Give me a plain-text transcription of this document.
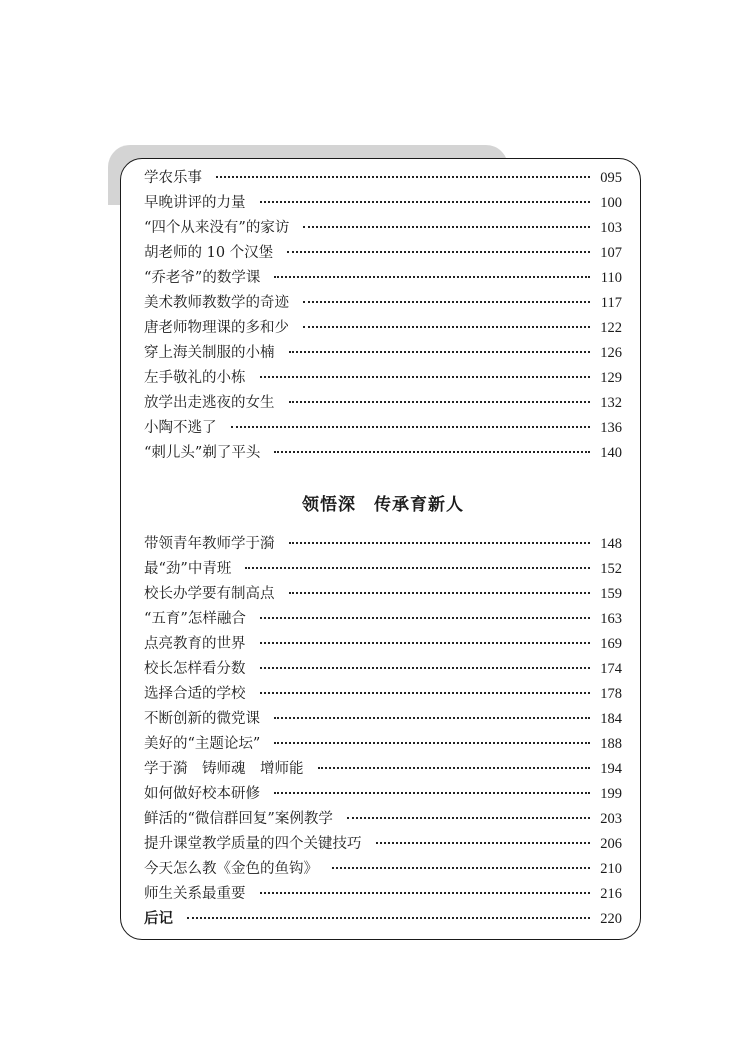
学农乐事	095
早晚讲评的力量	100
“四个从来没有”的家访	103
胡老师的 10 个汉堡	107
“乔老爷”的数学课	110
美术教师教数学的奇迹	117
唐老师物理课的多和少	122
穿上海关制服的小楠	126
左手敬礼的小栋	129
放学出走逃夜的女生	132
小陶不逃了	136
“刺儿头”剃了平头	140
领悟深 传承育新人
带领青年教师学于漪	148
最“劲”中青班	152
校长办学要有制高点	159
“五育”怎样融合	163
点亮教育的世界	169
校长怎样看分数	174
选择合适的学校	178
不断创新的微党课	184
美好的“主题论坛”	188
学于漪　铸师魂　增师能	194
如何做好校本研修	199
鲜活的“微信群回复”案例教学	203
提升课堂教学质量的四个关键技巧	206
今天怎么教《金色的鱼钩》	210
师生关系最重要	216
后记	220
